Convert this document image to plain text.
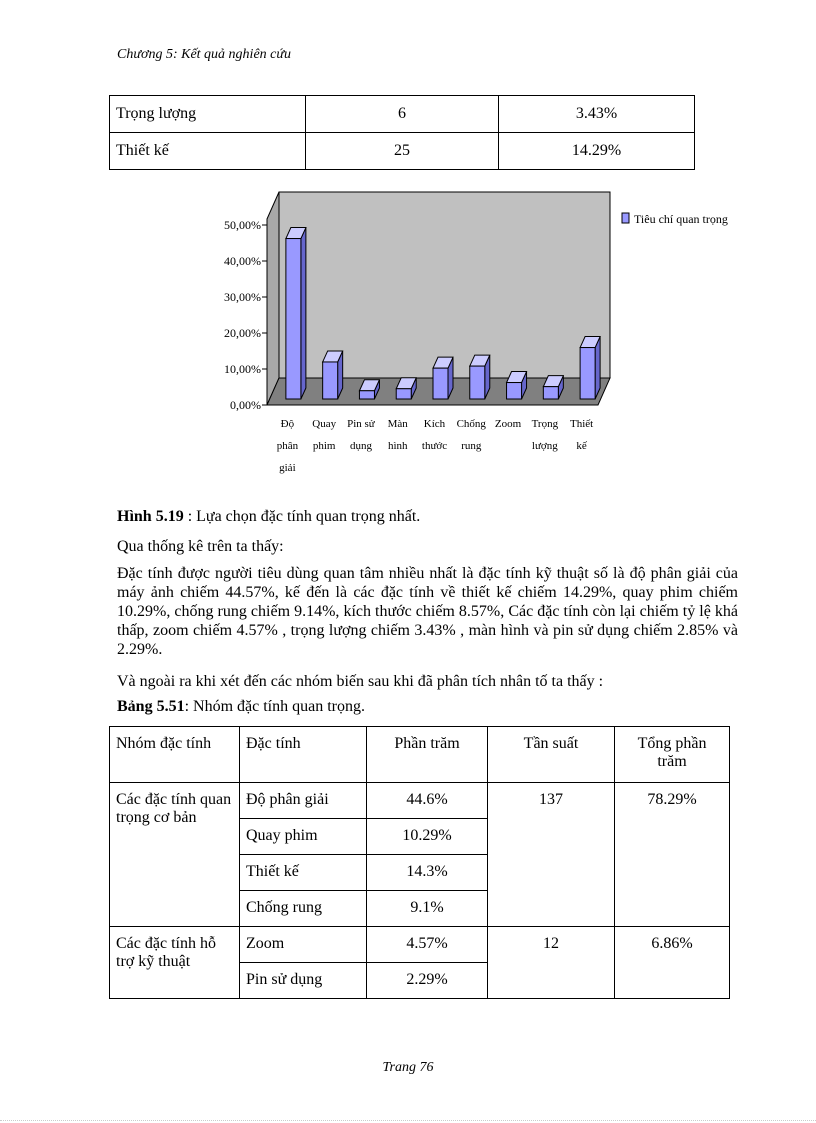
Chương 5: Kết quả nghiên cứu
Trọng lượng	6	3.43%
Thiết kế	25	14.29%
0,00%
10,00%
20,00%
30,00%
40,00%
50,00%
Độ
phân
giải
Quay
phim
Pin sử
dụng
Màn
hình
Kích
thước
Chống
rung
Zoom Trọng
lượng
Thiết
kế
Tiêu chí quan trọng
Hình 5.19 : Lựa chọn đặc tính quan trọng nhất.
Qua thống kê trên ta thấy:
Đặc tính được người tiêu dùng quan tâm nhiều nhất là đặc tính kỹ thuật số là độ phân giải của máy ảnh chiếm 44.57%, kế đến là các đặc tính về thiết kế chiếm 14.29%, quay phim chiếm 10.29%, chống rung chiếm 9.14%, kích thước chiếm 8.57%, Các đặc tính còn lại chiếm tỷ lệ khá thấp, zoom chiếm 4.57% , trọng lượng chiếm 3.43% , màn hình và pin sử dụng chiếm 2.85% và 2.29%.
Và ngoài ra khi xét đến các nhóm biến sau khi đã phân tích nhân tố ta thấy :
Bảng 5.51: Nhóm đặc tính quan trọng.
Nhóm đặc tính	Đặc tính	Phần trăm	Tần suất	Tổng phần trăm
Các đặc tính quan trọng cơ bản	Độ phân giải	44.6%	137	78.29%
	Quay phim	10.29%		
	Thiết kế	14.3%		
	Chống rung	9.1%		
Các đặc tính hỗ trợ kỹ thuật	Zoom	4.57%	12	6.86%
	Pin sử dụng	2.29%		
Trang 76
